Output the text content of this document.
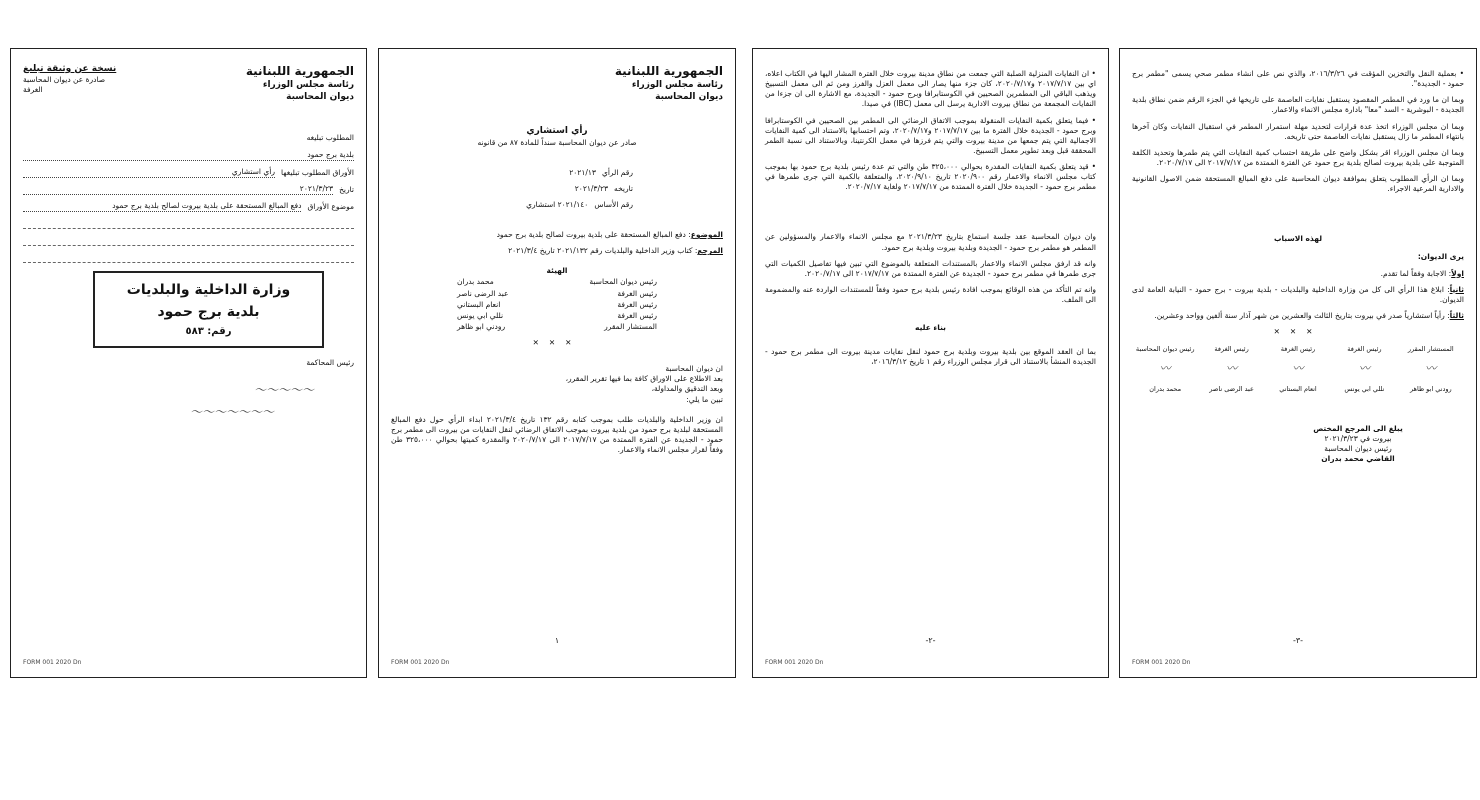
الجمهورية اللبنانية
رئاسة مجلس الوزراء
ديوان المحاسبة
نسخة عن وثيقة تبليغ
صادرة عن ديوان المحاسبة
الغرفة
المطلوب تبليغه
بلدية برج حمود
الأوراق المطلوب تبليغها
رأي استشاري
تاريخ
٢٠٢١/٣/٢٣
موضوع الأوراق
دفع المبالغ المستحقة على بلدية بيروت لصالح بلدية برج حمود
وزارة الداخلية والبلديات
بلدية برج حمود
رقم: ٥٨٣
رئيس المحاكمة
～～～～～
～～～～～～～
FORM 001 2020 Dn
الجمهورية اللبنانية
رئاسة مجلس الوزراء
ديوان المحاسبة
رأي استشاري
صادر عن ديوان المحاسبة سنداً للمادة ٨٧ من قانونه
رقم الرأي
٢٠٢١/١٣
تاريخه
٢٠٢١/٣/٢٣
رقم الأساس
٢٠٢١/١٤٠ استشاري
الموضوع: دفع المبالغ المستحقة على بلدية بيروت لصالح بلدية برج حمود
المرجع: كتاب وزير الداخلية والبلديات رقم ٢٠٢١/١٣٢ تاريخ ٢٠٢١/٣/٤
الهيئة
رئيس ديوان المحاسبة
محمد بدران
رئيس الغرفة
عبد الرضى ناصر
رئيس الغرفة
انعام البستاني
رئيس الغرفة
نللي ابي يونس
المستشار المقرر
رودني ابو ظاهر
✕✕✕
ان ديوان المحاسبة
بعد الاطلاع على الاوراق كافة بما فيها تقرير المقرر،
وبعد التدقيق والمداولة،
تبين ما يلي:
ان وزير الداخلية والبلديات طلب بموجب كتابه رقم ١٣٢ تاريخ ٢٠٢١/٣/٤ ابداء الرأي حول دفع المبالغ المستحقة لبلدية برج حمود من بلدية بيروت بموجب الاتفاق الرضائي لنقل النفايات من بيروت الى مطمر برج حمود - الجديدة عن الفترة الممتدة من ٢٠١٧/٧/١٧ الى ٢٠٢٠/٧/١٧ والمقدرة كميتها بحوالي ٣٢٥،٠٠٠ طن وفقاً لقرار مجلس الانماء والاعمار.
١
FORM 001 2020 Dn
• ان النفايات المنزلية الصلبة التي جمعت من نطاق مدينة بيروت خلال الفترة المشار اليها في الكتاب اعلاه، اي بين ٢٠١٧/٧/١٧ و٢٠٢٠/٧/١٧، كان جزء منها يصار الى معمل العزل والفرز ومن ثم الى معمل التسبيخ ويذهب الباقي الى المطمرين الصحيين في الكوستابرافا وبرج حمود - الجديدة، مع الاشارة الى ان جزءا من النفايات المجمعة من نطاق بيروت الادارية يرسل الى معمل (IBC) في صيدا.
• فيما يتعلق بكمية النفايات المنقولة بموجب الاتفاق الرضائي الى المطمر بين الصحيين في الكوستابرافا وبرج حمود - الجديدة خلال الفترة ما بين ٢٠١٧/٧/١٧ و٢٠٢٠/٧/١٧، وتم احتسابها بالاستناد الى كمية النفايات الاجمالية التي يتم جمعها من مدينة بيروت والتي يتم فرزها في معمل الكرنتينا، وبالاستناد الى نسبة الطمر المحققة قبل وبعد تطوير معمل التسبيخ.
• قيد يتعلق بكمية النفايات المقدرة بحوالي ٣٢٥،٠٠٠ طن والتي تم عدة رئيس بلدية برج حمود بها بموجب كتاب مجلس الانماء والاعمار رقم ٢٠٢٠/٩٠٠ تاريخ ٢٠٢٠/٩/١٠، والمتعلقة بالكمية التي جرى طمرها في مطمر برج حمود - الجديدة خلال الفترة الممتدة من ٢٠١٧/٧/١٧ ولغاية ٢٠٢٠/٧/١٧.
وان ديوان المحاسبة عقد جلسة استماع بتاريخ ٢٠٢١/٣/٢٣ مع مجلس الانماء والاعمار والمسؤولين عن المطمر هو مطمر برج حمود - الجديدة وبلدية بيروت وبلدية برج حمود.
وانه قد ارفق مجلس الانماء والاعمار بالمستندات المتعلقة بالموضوع التي تبين فيها تفاصيل الكميات التي جرى طمرها في مطمر برج حمود - الجديدة عن الفترة الممتدة من ٢٠١٧/٧/١٧ الى ٢٠٢٠/٧/١٧.
وانه تم التأكد من هذه الوقائع بموجب افادة رئيس بلدية برج حمود وفقاً للمستندات الواردة عنه والمضمومة الى الملف.
بناء عليه
بما ان العقد الموقع بين بلدية بيروت وبلدية برج حمود لنقل نفايات مدينة بيروت الى مطمر برج حمود - الجديدة المنشأ بالاستناد الى قرار مجلس الوزراء رقم ١ تاريخ ٢٠١٦/٣/١٢،
-٢-
FORM 001 2020 Dn
• بعملية النقل والتخزين المؤقت في ٢٠١٦/٣/٢٦، والذي نص على انشاء مطمر صحي يسمى "مطمر برج حمود - الجديدة".
وبما ان ما ورد في المطمر المقصود يستقبل نفايات العاصمة على تاريخها في الجزء الرقم ضمن نطاق بلدية الجديدة - البوشرية - السد "معا" بادارة مجلس الانماء والاعمار.
وبما ان مجلس الوزراء اتخذ عدة قرارات لتحديد مهلة استمرار المطمر في استقبال النفايات وكان آخرها بانتهاء المطمر ما زال يستقبل نفايات العاصمة حتى تاريخه.
وبما ان مجلس الوزراء اقر بشكل واضح على طريقة احتساب كمية النفايات التي يتم طمرها وتحديد الكلفة المتوجبة على بلدية بيروت لصالح بلدية برج حمود عن الفترة الممتدة من ٢٠١٧/٧/١٧ الى ٢٠٢٠/٧/١٧.
وبما ان الرأي المطلوب يتعلق بموافقة ديوان المحاسبة على دفع المبالغ المستحقة ضمن الاصول القانونية والادارية المرعية الاجراء.
لهذه الاسباب
يرى الديوان:
اولاً: الاجابة وفقاً لما تقدم.
ثانياً: ابلاغ هذا الرأي الى كل من وزارة الداخلية والبلديات - بلدية بيروت - برج حمود - النيابة العامة لدى الديوان.
ثالثاً: رأياً استشارياً صدر في بيروت بتاريخ الثالث والعشرين من شهر آذار سنة ألفين وواحد وعشرين.
✕✕✕
المستشار المقرر
رئيس الغرفة
رئيس الغرفة
رئيس الغرفة
رئيس ديوان المحاسبة
〰
〰
〰
〰
〰
رودني ابو ظاهر
نللي ابي يونس
انعام البستاني
عبد الرضى ناصر
محمد بدران
يبلغ الى المرجع المختص
بيروت في ٢٠٢١/٣/٢٣
رئيس ديوان المحاسبة
القاضي محمد بدران
-٣-
FORM 001 2020 Dn
